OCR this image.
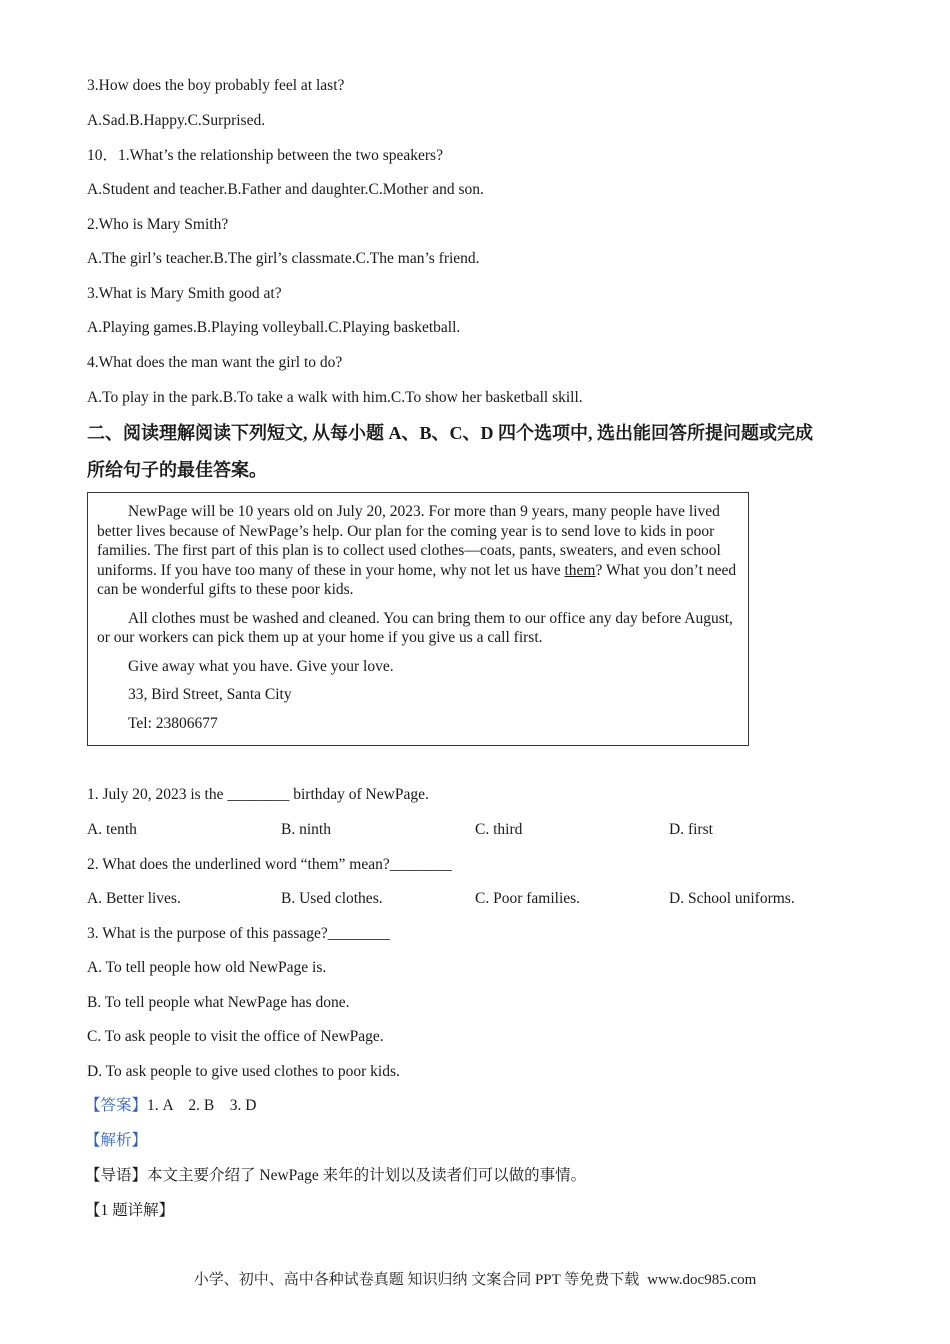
3.How does the boy probably feel at last?
A.Sad.B.Happy.C.Surprised.
10．1.What’s the relationship between the two speakers?
A.Student and teacher.B.Father and daughter.C.Mother and son.
2.Who is Mary Smith?
A.The girl’s teacher.B.The girl’s classmate.C.The man’s friend.
3.What is Mary Smith good at?
A.Playing games.B.Playing volleyball.C.Playing basketball.
4.What does the man want the girl to do?
A.To play in the park.B.To take a walk with him.C.To show her basketball skill.
二、阅读理解阅读下列短文, 从每小题 A、B、C、D 四个选项中, 选出能回答所提问题或完成
所给句子的最佳答案。

NewPage will be 10 years old on July 20, 2023. For more than 9 years, many people have lived better lives because of NewPage’s help. Our plan for the coming year is to send love to kids in poor families. The first part of this plan is to collect used clothes—coats, pants, sweaters, and even school uniforms. If you have too many of these in your home, why not let us have them? What you don’t need can be wonderful gifts to these poor kids.

All clothes must be washed and cleaned. You can bring them to our office any day before August, or our workers can pick them up at your home if you give us a call first.

Give away what you have. Give your love.
33, Bird Street, Santa City
Tel: 23806677
1. July 20, 2023 is the ________ birthday of NewPage.
A. tenth	B. ninth	C. third	D. first
2. What does the underlined word “them” mean?________
A. Better lives.	B. Used clothes.	C. Poor families.	D. School uniforms.
3. What is the purpose of this passage?________
A. To tell people how old NewPage is.
B. To tell people what NewPage has done.
C. To ask people to visit the office of NewPage.
D. To ask people to give used clothes to poor kids.
【答案】1. A    2. B    3. D
【解析】
【导语】本文主要介绍了 NewPage 来年的计划以及读者们可以做的事情。
【1 题详解】
小学、初中、高中各种试卷真题 知识归纳 文案合同 PPT 等免费下载 www.doc985.com
